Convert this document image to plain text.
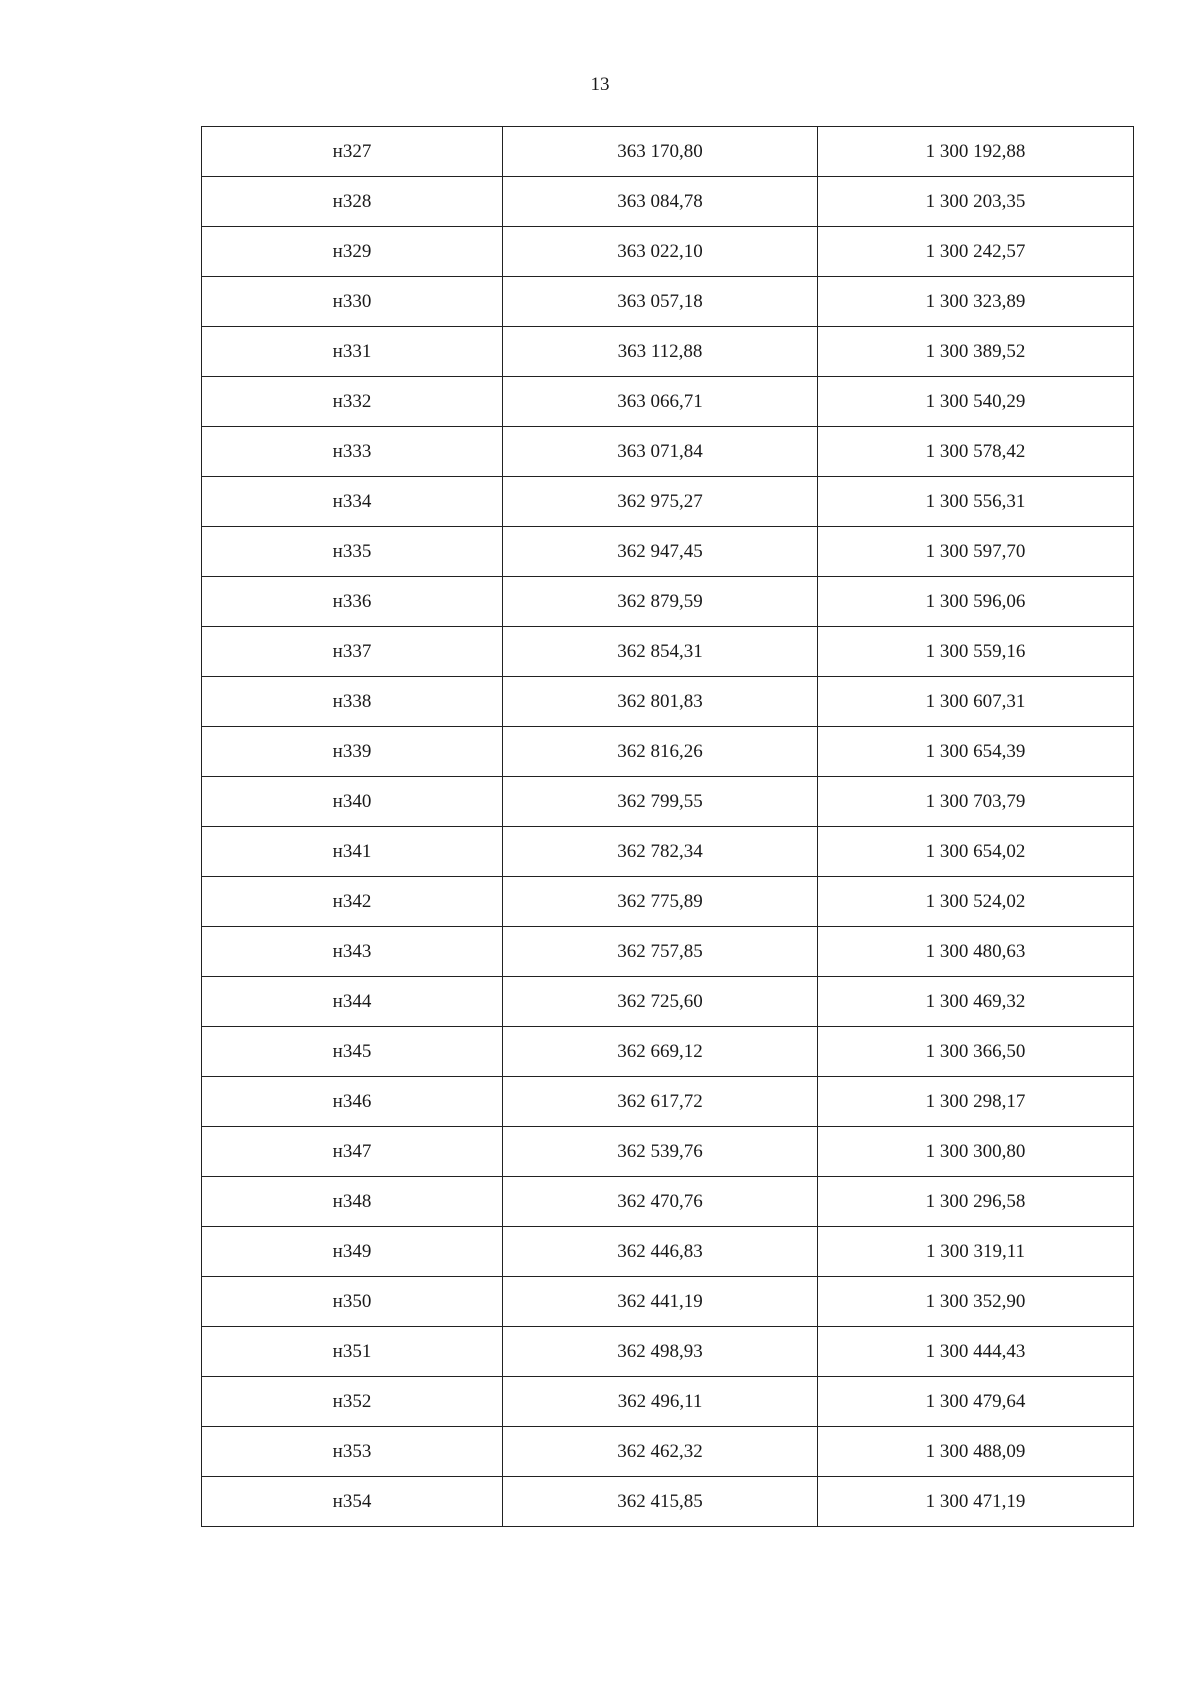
13
н327	363 170,80	1 300 192,88
н328	363 084,78	1 300 203,35
н329	363 022,10	1 300 242,57
н330	363 057,18	1 300 323,89
н331	363 112,88	1 300 389,52
н332	363 066,71	1 300 540,29
н333	363 071,84	1 300 578,42
н334	362 975,27	1 300 556,31
н335	362 947,45	1 300 597,70
н336	362 879,59	1 300 596,06
н337	362 854,31	1 300 559,16
н338	362 801,83	1 300 607,31
н339	362 816,26	1 300 654,39
н340	362 799,55	1 300 703,79
н341	362 782,34	1 300 654,02
н342	362 775,89	1 300 524,02
н343	362 757,85	1 300 480,63
н344	362 725,60	1 300 469,32
н345	362 669,12	1 300 366,50
н346	362 617,72	1 300 298,17
н347	362 539,76	1 300 300,80
н348	362 470,76	1 300 296,58
н349	362 446,83	1 300 319,11
н350	362 441,19	1 300 352,90
н351	362 498,93	1 300 444,43
н352	362 496,11	1 300 479,64
н353	362 462,32	1 300 488,09
н354	362 415,85	1 300 471,19
